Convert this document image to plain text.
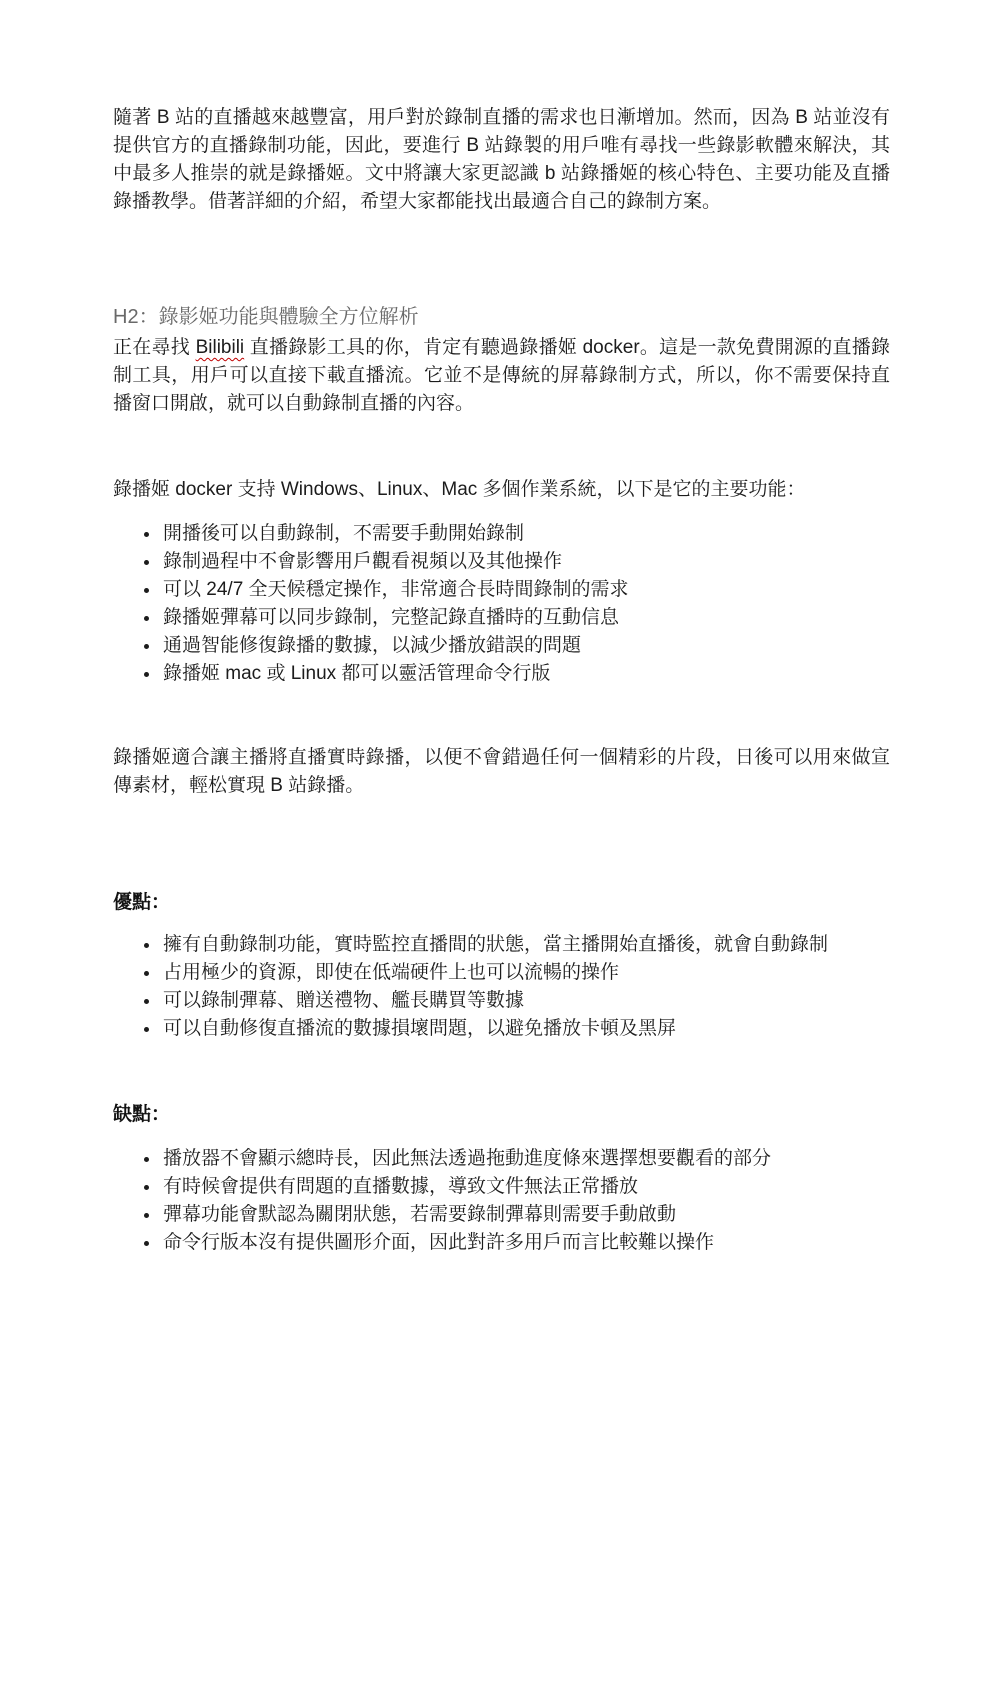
隨著 B 站的直播越來越豐富，用戶對於錄制直播的需求也日漸增加。然而，因為 B 站並沒有提供官方的直播錄制功能，因此，要進行 B 站錄製的用戶唯有尋找一些錄影軟體來解決，其中最多人推崇的就是錄播姬。文中將讓大家更認識 b 站錄播姬的核心特色、主要功能及直播錄播教學。借著詳細的介紹，希望大家都能找出最適合自己的錄制方案。

H2：錄影姬功能與體驗全方位解析

正在尋找 Bilibili 直播錄影工具的你，肯定有聽過錄播姬 docker。這是一款免費開源的直播錄制工具，用戶可以直接下載直播流。它並不是傳統的屏幕錄制方式，所以，你不需要保持直播窗口開啟，就可以自動錄制直播的內容。

錄播姬 docker 支持 Windows、Linux、Mac 多個作業系統，以下是它的主要功能：

• 開播後可以自動錄制，不需要手動開始錄制
• 錄制過程中不會影響用戶觀看視頻以及其他操作
• 可以 24/7 全天候穩定操作，非常適合長時間錄制的需求
• 錄播姬彈幕可以同步錄制，完整記錄直播時的互動信息
• 通過智能修復錄播的數據，以減少播放錯誤的問題
• 錄播姬 mac 或 Linux 都可以靈活管理命令行版

錄播姬適合讓主播將直播實時錄播，以便不會錯過任何一個精彩的片段，日後可以用來做宣傳素材，輕松實現 B 站錄播。

優點：
• 擁有自動錄制功能，實時監控直播間的狀態，當主播開始直播後，就會自動錄制
• 占用極少的資源，即使在低端硬件上也可以流暢的操作
• 可以錄制彈幕、贈送禮物、艦長購買等數據
• 可以自動修復直播流的數據損壞問題，以避免播放卡頓及黑屏
缺點：
• 播放器不會顯示總時長，因此無法透過拖動進度條來選擇想要觀看的部分
• 有時候會提供有問題的直播數據，導致文件無法正常播放
• 彈幕功能會默認為關閉狀態，若需要錄制彈幕則需要手動啟動
• 命令行版本沒有提供圖形介面，因此對許多用戶而言比較難以操作
